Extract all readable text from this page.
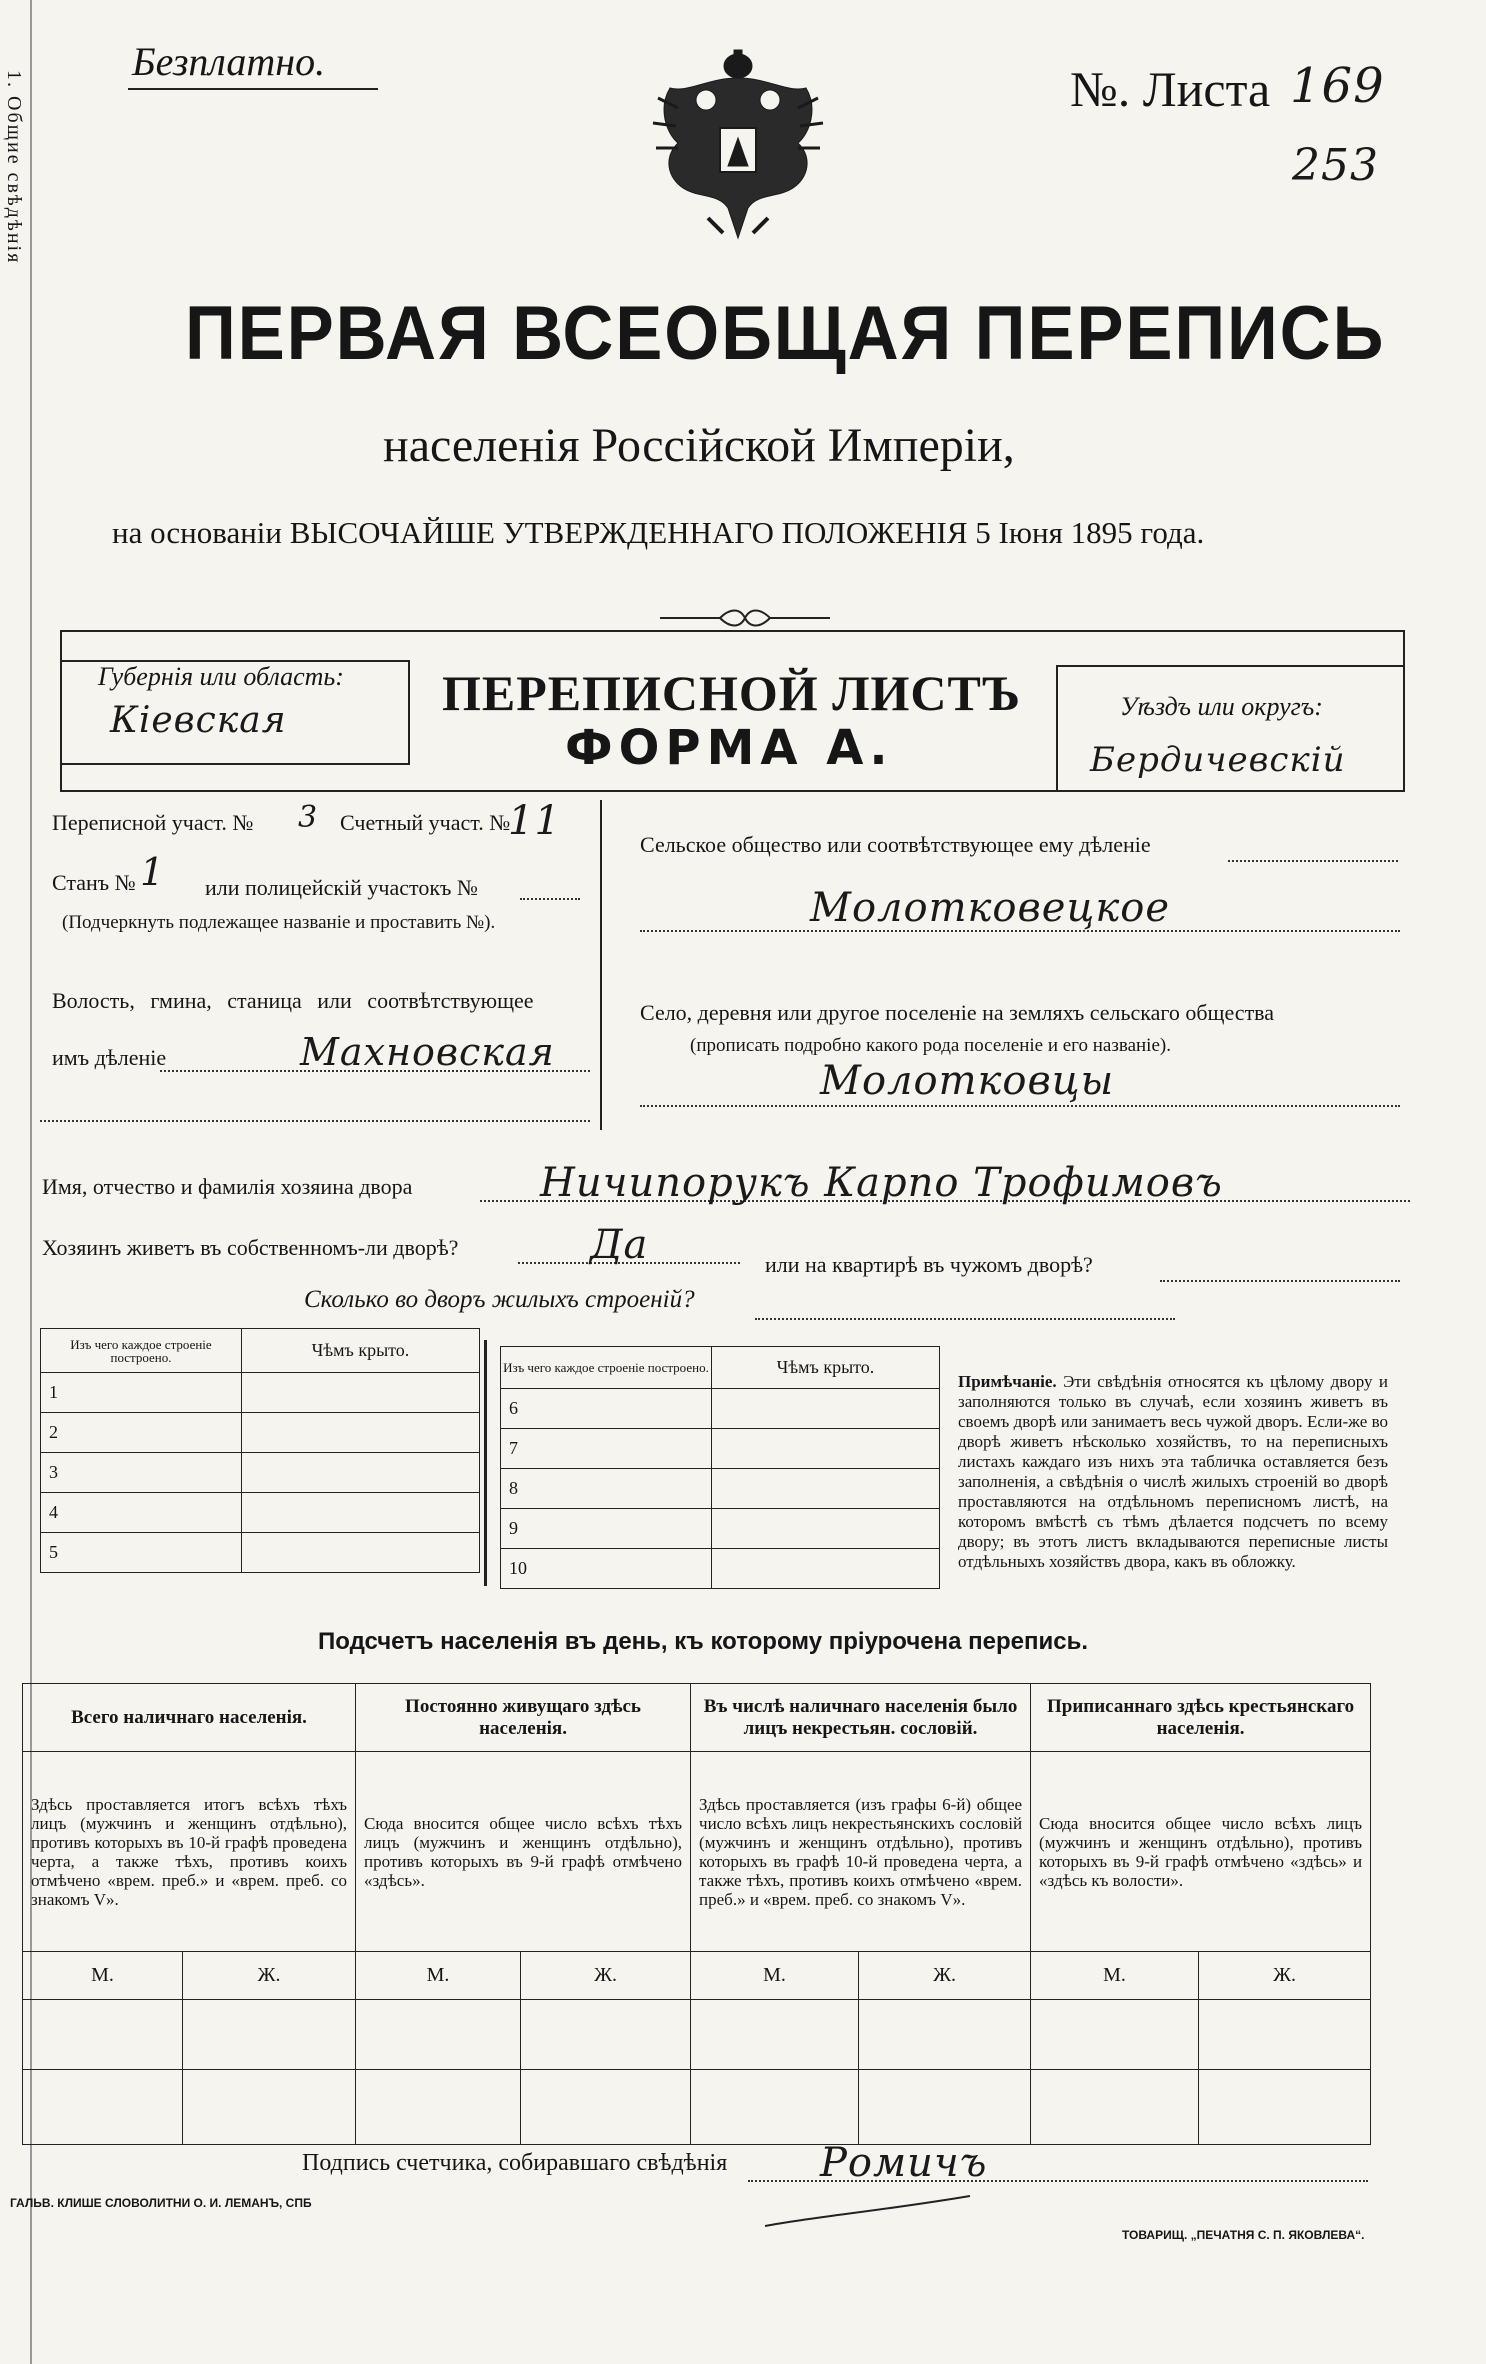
1. Общие свѣдѣнія
Безплатно.	№. Листа 169
253
ПЕРВАЯ ВСЕОБЩАЯ ПЕРЕПИСЬ
населенія Россійской Имперіи,
на основаніи ВЫСОЧАЙШЕ УТВЕРЖДЕННАГО ПОЛОЖЕНІЯ 5 Іюня 1895 года.
Губернія или область:
Кіевская	ПЕРЕПИСНОЙ ЛИСТЪ
ФОРМА А.
Уѣздъ или округъ:
Бердичевскій
Переписной участ. № 3 Счетный участ. №
11
Станъ № 1 или полицейскій участокъ №
(Подчеркнуть подлежащее названіе и проставить №).
Волость, гмина, станица или соотвѣтствующее
имъ дѣленіе	Махновская
Сельское общество или соотвѣтствующее ему дѣленіе
Молотковецкое
Село, деревня или другое поселеніе на земляхъ сельскаго общества
(прописать подробно какого рода поселеніе и его названіе).
Молотковцы
Имя, отчество и фамилія хозяина двора	Ничипорукъ Карпо Трофимовъ
Хозяинъ живетъ въ собственномъ-ли дворѣ?	Да	или на квартирѣ въ чужомъ дворѣ?
Сколько во дворъ жилыхъ строеній?
Изъ чего каждое строеніе построено.	Чѣмъ крыто.
1	
2	
3	
4	
5	
Изъ чего каждое строеніе построено.	Чѣмъ крыто.
6	
7	
8	
9	
10	
Примѣчаніе. Эти свѣдѣнія относятся къ цѣлому двору и заполняются только въ случаѣ, если хозяинъ живетъ въ своемъ дворѣ или занимаетъ весь чужой дворъ. Если-же во дворѣ живетъ нѣсколько хозяйствъ, то на переписныхъ листахъ каждаго изъ нихъ эта табличка оставляется безъ заполненія, а свѣдѣнія о числѣ жилыхъ строеній во дворѣ проставляются на отдѣльномъ переписномъ листѣ, на которомъ вмѣстѣ съ тѣмъ дѣлается подсчетъ по всему двору; въ этотъ листъ вкладываются переписные листы отдѣльныхъ хозяйствъ двора, какъ въ обложку.
Подсчетъ населенія въ день, къ которому пріурочена перепись.
Всего наличнаго населенія.		Постоянно живущаго здѣсь населенія.		Въ числѣ наличнаго населенія было лицъ некрестьян. сословій.		Приписаннаго здѣсь крестьянскаго населенія.	
Здѣсь проставляется итогъ всѣхъ тѣхъ лицъ (мужчинъ и женщинъ отдѣльно), противъ которыхъ въ 10-й графѣ проведена черта, а также тѣхъ, противъ коихъ отмѣчено «врем. преб.» и «врем. преб. со знакомъ V».		Сюда вносится общее число всѣхъ тѣхъ лицъ (мужчинъ и женщинъ отдѣльно), противъ которыхъ въ 9-й графѣ отмѣчено «здѣсь».		Здѣсь проставляется (изъ графы 6-й) общее число всѣхъ лицъ некрестьянскихъ сословій (мужчинъ и женщинъ отдѣльно), противъ которыхъ въ графѣ 10-й проведена черта, а также тѣхъ, противъ коихъ отмѣчено «врем. преб.» и «врем. преб. со знакомъ V».		Сюда вносится общее число всѣхъ лицъ (мужчинъ и женщинъ отдѣльно), противъ которыхъ въ 9-й графѣ отмѣчено «здѣсь» и «здѣсь къ волости».	
М.	Ж.	М.	Ж.	М.	Ж.	М.	Ж.

Подпись счетчика, собиравшаго свѣдѣнія Ромичъ
ГАЛЬВ. КЛИШЕ СЛОВОЛИТНИ О. И. ЛЕМАНЪ, СПБ
ТОВАРИЩ. „ПЕЧАТНЯ С. П. ЯКОВЛЕВА“.
